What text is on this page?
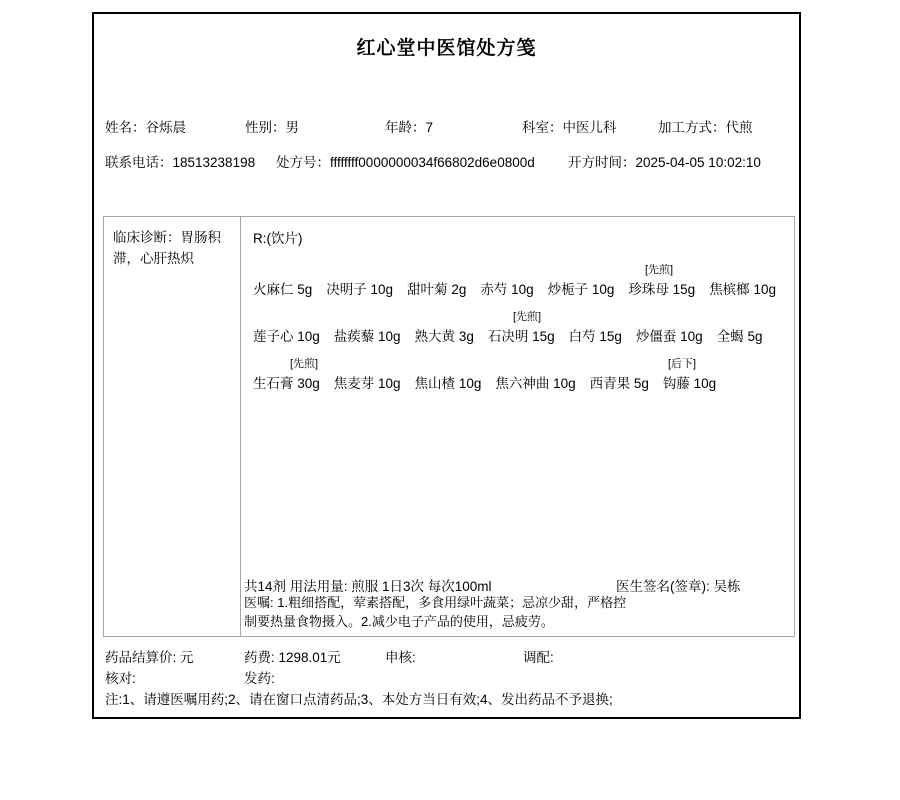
红心堂中医馆处方笺
姓名：谷烁晨	性别：男	年龄：7	科室：中医儿科	加工方式：代煎
联系电话：18513238198 处方号：ffffffff0000000034f66802d6e0800d 开方时间：2025-04-05 10:02:10
临床诊断：胃肠积滞，心肝热炽
R:(饮片)
[先煎]
火麻仁 5g 决明子 10g 甜叶菊 2g 赤芍 10g 炒栀子 10g 珍珠母 15g 焦槟榔 10g
[先煎]
莲子心 10g 盐蒺藜 10g 熟大黄 3g 石决明 15g 白芍 15g 炒僵蚕 10g 全蝎 5g
[先煎]	[后下]
生石膏 30g 焦麦芽 10g 焦山楂 10g 焦六神曲 10g 西青果 5g 钩藤 10g
共14剂 用法用量: 煎服 1日3次 每次100ml	医生签名(签章): 吴栋
医嘱: 1.粗细搭配，荤素搭配，多食用绿叶蔬菜；忌凉少甜，严格控制要热量食物摄入。2.减少电子产品的使用，忌疲劳。
药品结算价: 元	药费: 1298.01元	申核:	调配:
核对:	发药:
注:1、请遵医嘱用药;2、请在窗口点清药品;3、本处方当日有效;4、发出药品不予退换;
